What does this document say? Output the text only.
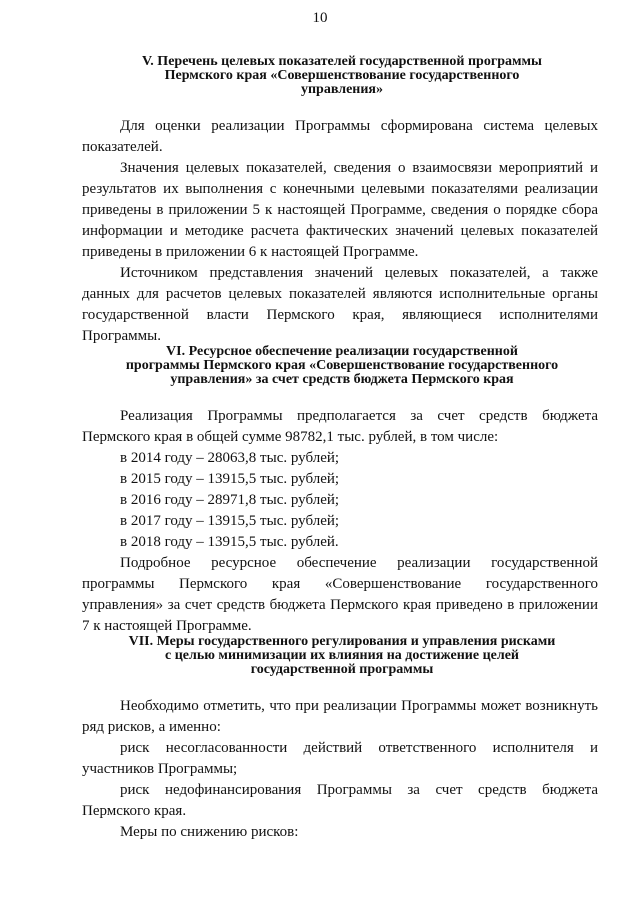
10
V. Перечень целевых показателей государственной программы
Пермского края «Совершенствование государственного
управления»

Для оценки реализации Программы сформирована система целевых показателей.

Значения целевых показателей, сведения о взаимосвязи мероприятий и результатов их выполнения с конечными целевыми показателями реализации приведены в приложении 5 к настоящей Программе, сведения о порядке сбора информации и методике расчета фактических значений целевых показателей приведены в приложении 6 к настоящей Программе.

Источником представления значений целевых показателей, а также данных для расчетов целевых показателей являются исполнительные органы государственной власти Пермского края, являющиеся исполнителями Программы.

VI. Ресурсное обеспечение реализации государственной
программы Пермского края «Совершенствование государственного
управления» за счет средств бюджета Пермского края

Реализация Программы предполагается за счет средств бюджета Пермского края в общей сумме 98782,1 тыс. рублей, в том числе:

в 2014 году – 28063,8 тыс. рублей;

в 2015 году – 13915,5 тыс. рублей;

в 2016 году – 28971,8 тыс. рублей;

в 2017 году – 13915,5 тыс. рублей;

в 2018 году – 13915,5 тыс. рублей.

Подробное ресурсное обеспечение реализации государственной программы Пермского края «Совершенствование государственного управления» за счет средств бюджета Пермского края приведено в приложении 7 к настоящей Программе.

VII. Меры государственного регулирования и управления рисками
с целью минимизации их влияния на достижение целей
государственной программы

Необходимо отметить, что при реализации Программы может возникнуть ряд рисков, а именно:

риск несогласованности действий ответственного исполнителя и участников Программы;

риск недофинансирования Программы за счет средств бюджета Пермского края.

Меры по снижению рисков:
